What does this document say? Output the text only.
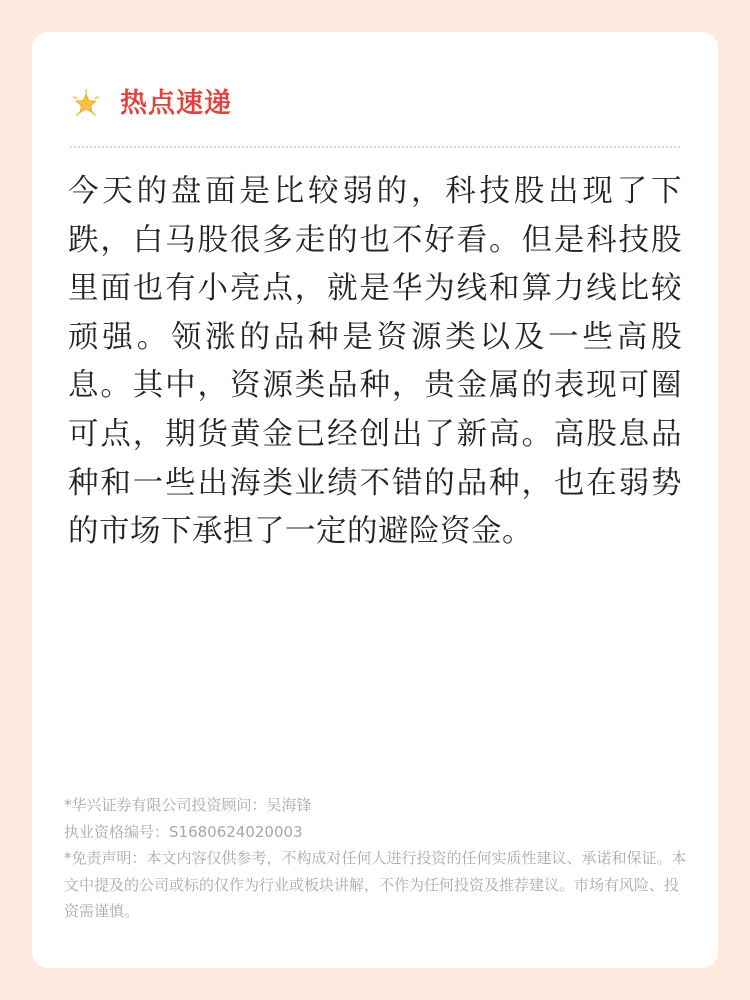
热点速递

今天的盘面是比较弱的，科技股出现了下跌，白马股很多走的也不好看。但是科技股里面也有小亮点，就是华为线和算力线比较顽强。领涨的品种是资源类以及一些高股息。其中，资源类品种，贵金属的表现可圈可点，期货黄金已经创出了新高。高股息品种和一些出海类业绩不错的品种，也在弱势的市场下承担了一定的避险资金。

*华兴证券有限公司投资顾问：吴海锋

执业资格编号：S1680624020003

*免责声明：本文内容仅供参考，不构成对任何人进行投资的任何实质性建议、承诺和保证。本文中提及的公司或标的仅作为行业或板块讲解，不作为任何投资及推荐建议。市场有风险、投资需谨慎。
